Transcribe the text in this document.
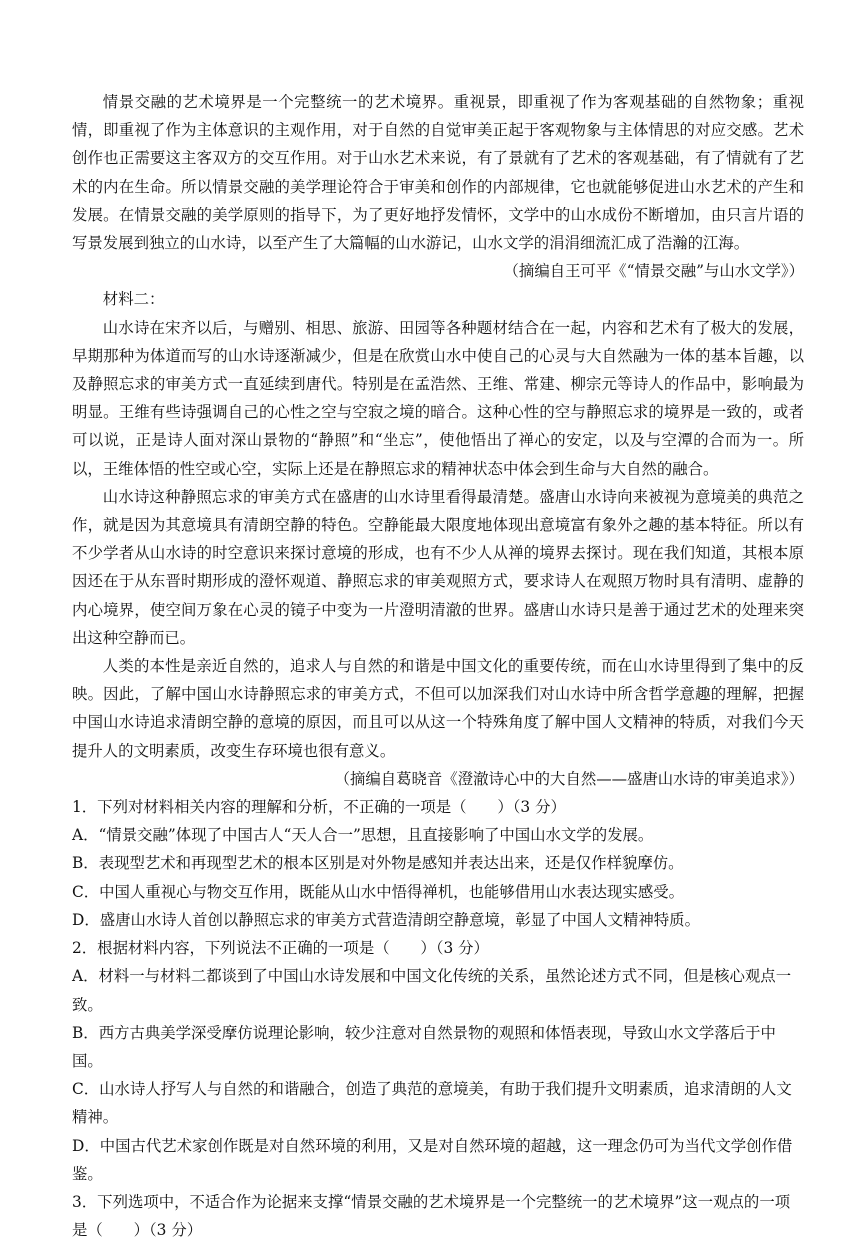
情景交融的艺术境界是一个完整统一的艺术境界。重视景，即重视了作为客观基础的自然物象；重视情，即重视了作为主体意识的主观作用，对于自然的自觉审美正起于客观物象与主体情思的对应交感。艺术创作也正需要这主客双方的交互作用。对于山水艺术来说，有了景就有了艺术的客观基础，有了情就有了艺术的内在生命。所以情景交融的美学理论符合于审美和创作的内部规律，它也就能够促进山水艺术的产生和发展。在情景交融的美学原则的指导下，为了更好地抒发情怀，文学中的山水成份不断增加，由只言片语的写景发展到独立的山水诗，以至产生了大篇幅的山水游记，山水文学的涓涓细流汇成了浩瀚的江海。

（摘编自王可平《“情景交融”与山水文学》）

材料二：

山水诗在宋齐以后，与赠别、相思、旅游、田园等各种题材结合在一起，内容和艺术有了极大的发展，早期那种为体道而写的山水诗逐渐减少，但是在欣赏山水中使自己的心灵与大自然融为一体的基本旨趣，以及静照忘求的审美方式一直延续到唐代。特别是在孟浩然、王维、常建、柳宗元等诗人的作品中，影响最为明显。王维有些诗强调自己的心性之空与空寂之境的暗合。这种心性的空与静照忘求的境界是一致的，或者可以说，正是诗人面对深山景物的“静照”和“坐忘”，使他悟出了禅心的安定，以及与空潭的合而为一。所以，王维体悟的性空或心空，实际上还是在静照忘求的精神状态中体会到生命与大自然的融合。

山水诗这种静照忘求的审美方式在盛唐的山水诗里看得最清楚。盛唐山水诗向来被视为意境美的典范之作，就是因为其意境具有清朗空静的特色。空静能最大限度地体现出意境富有象外之趣的基本特征。所以有不少学者从山水诗的时空意识来探讨意境的形成，也有不少人从禅的境界去探讨。现在我们知道，其根本原因还在于从东晋时期形成的澄怀观道、静照忘求的审美观照方式，要求诗人在观照万物时具有清明、虚静的内心境界，使空间万象在心灵的镜子中变为一片澄明清澈的世界。盛唐山水诗只是善于通过艺术的处理来突出这种空静而已。

人类的本性是亲近自然的，追求人与自然的和谐是中国文化的重要传统，而在山水诗里得到了集中的反映。因此，了解中国山水诗静照忘求的审美方式，不但可以加深我们对山水诗中所含哲学意趣的理解，把握中国山水诗追求清朗空静的意境的原因，而且可以从这一个特殊角度了解中国人文精神的特质，对我们今天提升人的文明素质，改变生存环境也很有意义。

（摘编自葛晓音《澄澈诗心中的大自然——盛唐山水诗的审美追求》）

1．下列对材料相关内容的理解和分析，不正确的一项是（　　）（3 分）

A．“情景交融”体现了中国古人“天人合一”思想，且直接影响了中国山水文学的发展。

B．表现型艺术和再现型艺术的根本区别是对外物是感知并表达出来，还是仅作样貌摩仿。

C．中国人重视心与物交互作用，既能从山水中悟得禅机，也能够借用山水表达现实感受。

D．盛唐山水诗人首创以静照忘求的审美方式营造清朗空静意境，彰显了中国人文精神特质。

2．根据材料内容，下列说法不正确的一项是（　　）（3 分）

A．材料一与材料二都谈到了中国山水诗发展和中国文化传统的关系，虽然论述方式不同，但是核心观点一致。

B．西方古典美学深受摩仿说理论影响，较少注意对自然景物的观照和体悟表现，导致山水文学落后于中国。

C．山水诗人抒写人与自然的和谐融合，创造了典范的意境美，有助于我们提升文明素质，追求清朗的人文精神。

D．中国古代艺术家创作既是对自然环境的利用，又是对自然环境的超越，这一理念仍可为当代文学创作借鉴。

3．下列选项中，不适合作为论据来支撑“情景交融的艺术境界是一个完整统一的艺术境界”这一观点的一项是（　　）（3 分）
